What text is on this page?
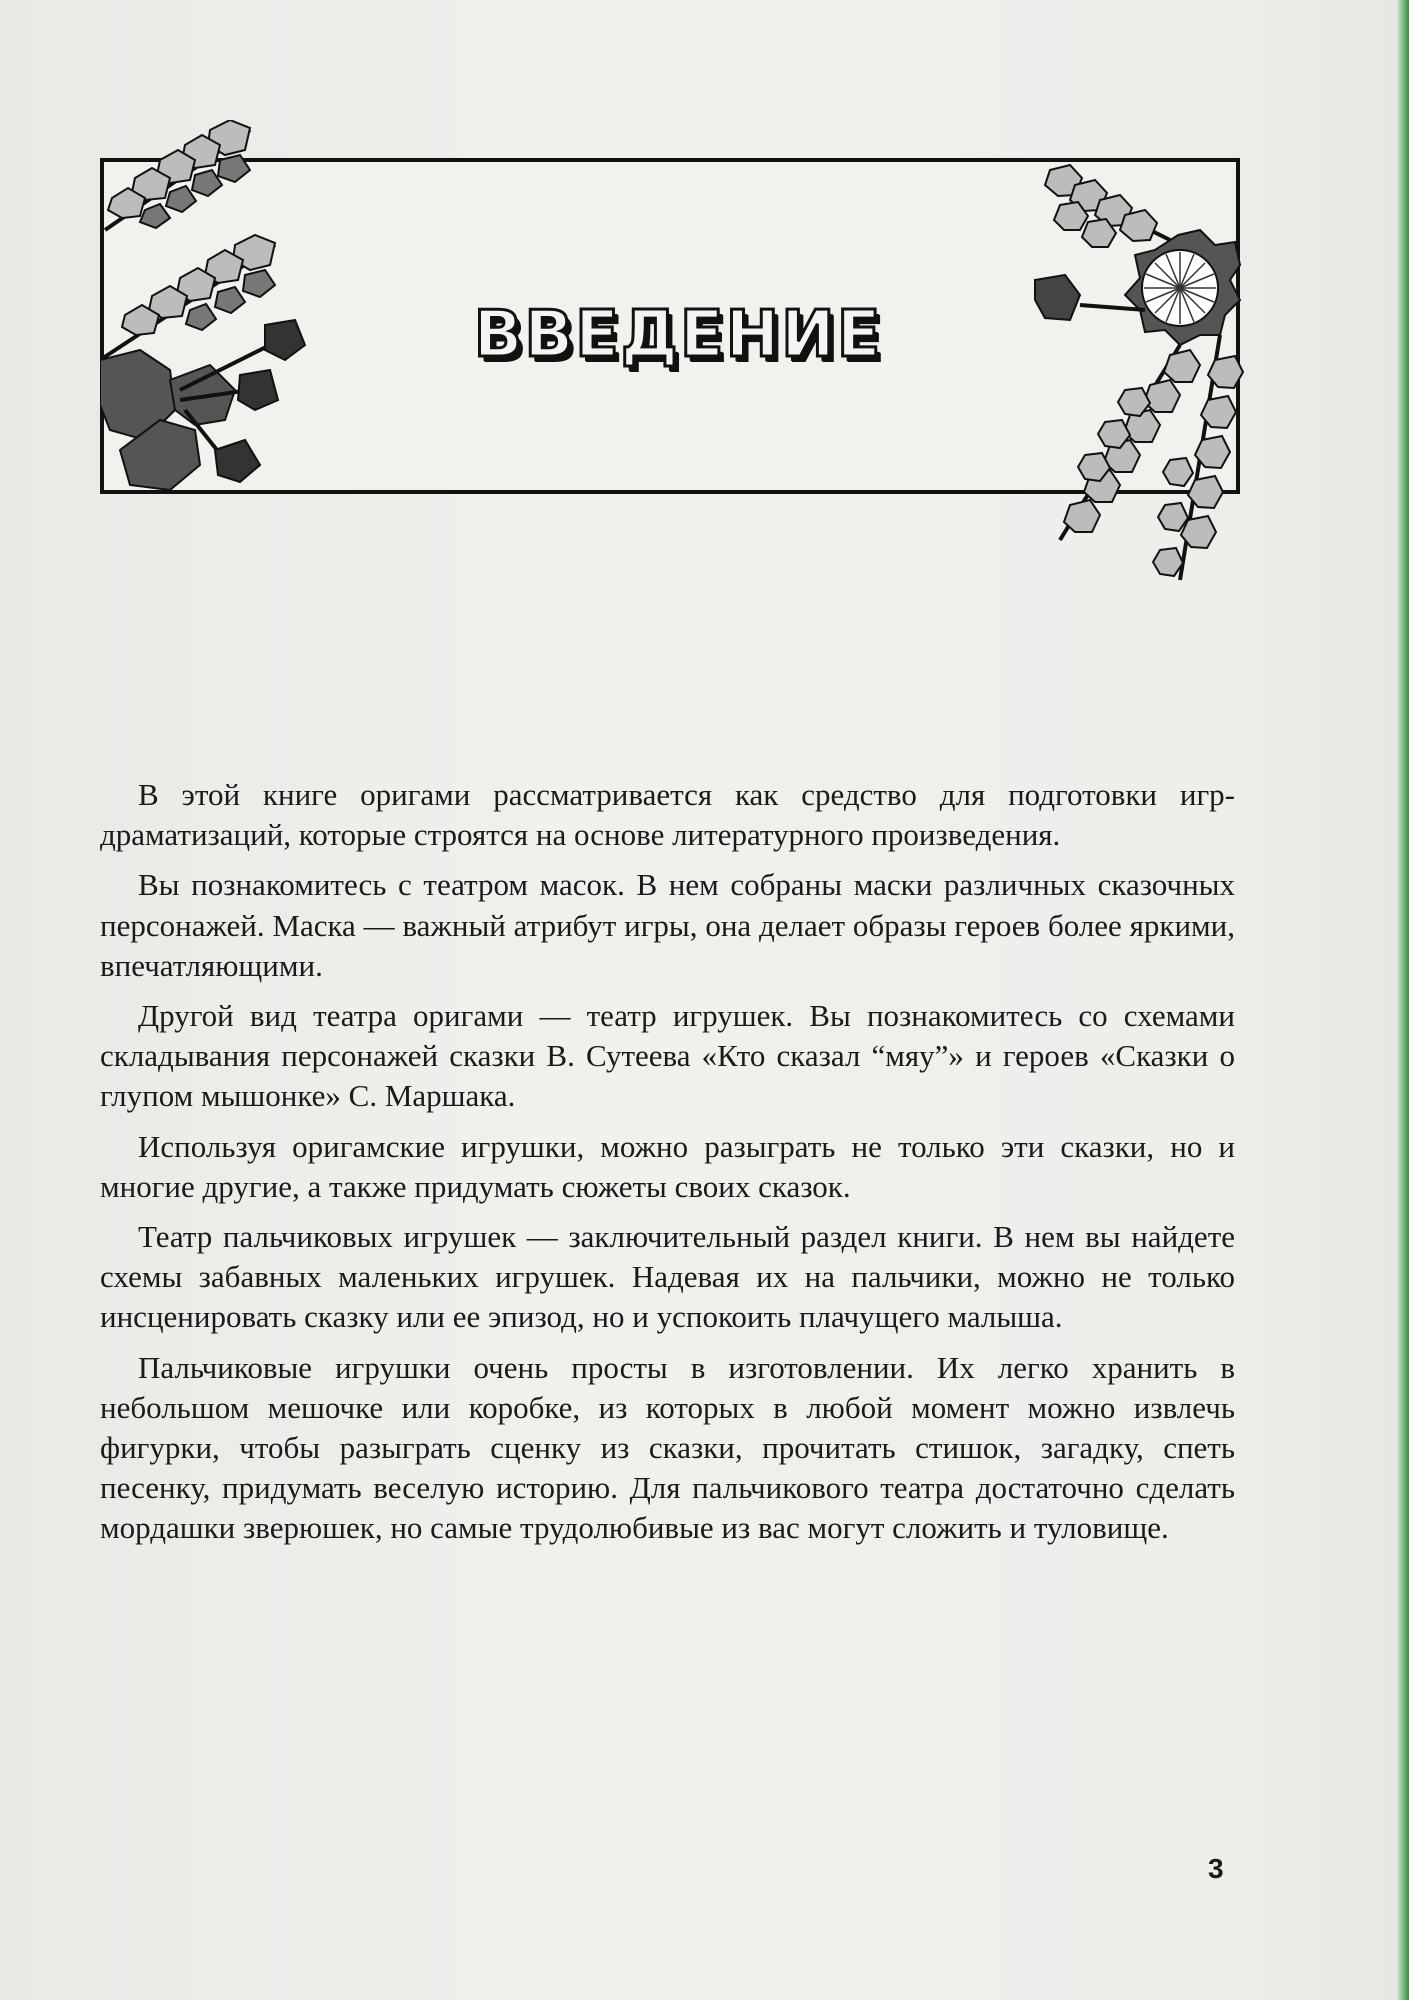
ВВЕДЕНИЕ

В этой книге оригами рассматривается как средство для подготовки игр-драматизаций, которые строятся на основе литературного произведения.

Вы познакомитесь с театром масок. В нем собраны маски различных сказочных персонажей. Маска — важный атрибут игры, она делает образы героев более яркими, впечатляющими.

Другой вид театра оригами — театр игрушек. Вы познакомитесь со схемами складывания персонажей сказки В. Сутеева «Кто сказал “мяу”» и героев «Сказки о глупом мышонке» С. Маршака.

Используя оригамские игрушки, можно разыграть не только эти сказки, но и многие другие, а также придумать сюжеты своих сказок.

Театр пальчиковых игрушек — заключительный раздел книги. В нем вы найдете схемы забавных маленьких игрушек. Надевая их на пальчики, можно не только инсценировать сказку или ее эпизод, но и успокоить плачущего малыша.

Пальчиковые игрушки очень просты в изготовлении. Их легко хранить в небольшом мешочке или коробке, из которых в любой момент можно извлечь фигурки, чтобы разыграть сценку из сказки, прочитать стишок, загадку, спеть песенку, придумать веселую историю. Для пальчикового театра достаточно сделать мордашки зверюшек, но самые трудолюбивые из вас могут сложить и туловище.

3
